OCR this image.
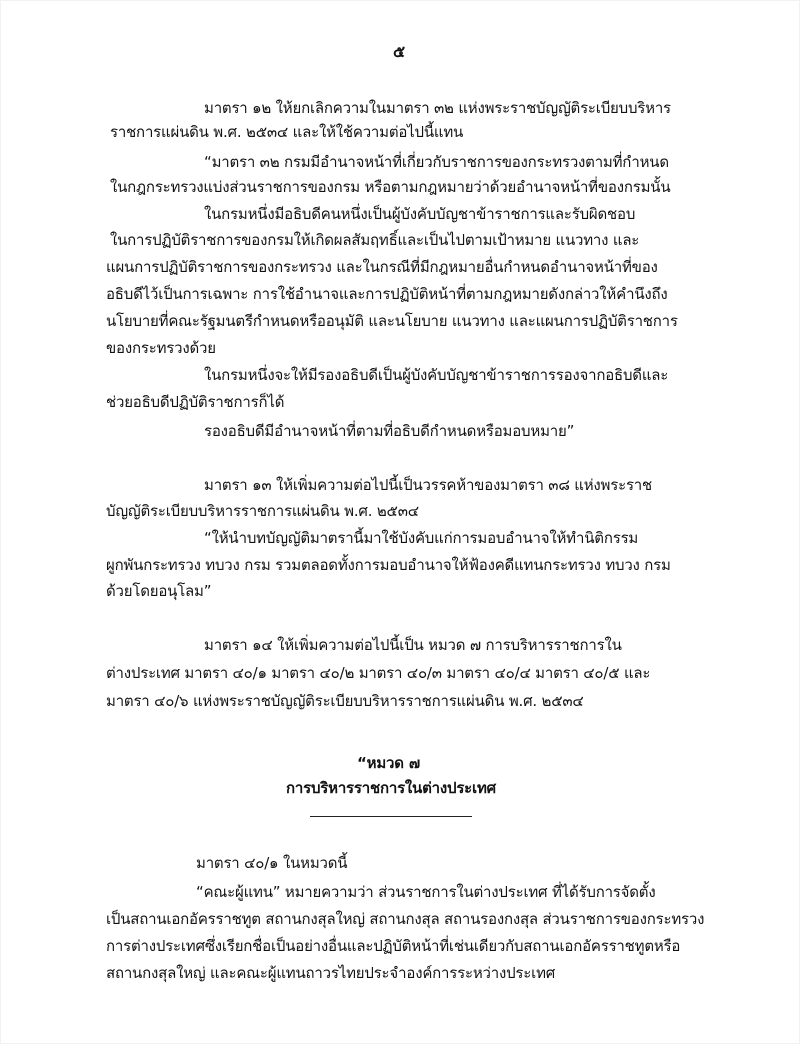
๕
มาตรา ๑๒ ให้ยกเลิกความในมาตรา ๓๒ แห่งพระราชบัญญัติระเบียบบริหาร
ราชการแผ่นดิน พ.ศ. ๒๕๓๔ และให้ใช้ความต่อไปนี้แทน
“มาตรา ๓๒ กรมมีอำนาจหน้าที่เกี่ยวกับราชการของกระทรวงตามที่กำหนด
ในกฎกระทรวงแบ่งส่วนราชการของกรม หรือตามกฎหมายว่าด้วยอำนาจหน้าที่ของกรมนั้น
ในกรมหนึ่งมีอธิบดีคนหนึ่งเป็นผู้บังคับบัญชาข้าราชการและรับผิดชอบ
ในการปฏิบัติราชการของกรมให้เกิดผลสัมฤทธิ์และเป็นไปตามเป้าหมาย แนวทาง และ
แผนการปฏิบัติราชการของกระทรวง และในกรณีที่มีกฎหมายอื่นกำหนดอำนาจหน้าที่ของ
อธิบดีไว้เป็นการเฉพาะ การใช้อำนาจและการปฏิบัติหน้าที่ตามกฎหมายดังกล่าวให้คำนึงถึง
นโยบายที่คณะรัฐมนตรีกำหนดหรืออนุมัติ และนโยบาย แนวทาง และแผนการปฏิบัติราชการ
ของกระทรวงด้วย
ในกรมหนึ่งจะให้มีรองอธิบดีเป็นผู้บังคับบัญชาข้าราชการรองจากอธิบดีและ
ช่วยอธิบดีปฏิบัติราชการก็ได้
รองอธิบดีมีอำนาจหน้าที่ตามที่อธิบดีกำหนดหรือมอบหมาย”
มาตรา ๑๓ ให้เพิ่มความต่อไปนี้เป็นวรรคห้าของมาตรา ๓๘ แห่งพระราช
บัญญัติระเบียบบริหารราชการแผ่นดิน พ.ศ. ๒๕๓๔
“ให้นำบทบัญญัติมาตรานี้มาใช้บังคับแก่การมอบอำนาจให้ทำนิติกรรม
ผูกพันกระทรวง ทบวง กรม รวมตลอดทั้งการมอบอำนาจให้ฟ้องคดีแทนกระทรวง ทบวง กรม
ด้วยโดยอนุโลม”
มาตรา ๑๔ ให้เพิ่มความต่อไปนี้เป็น หมวด ๗ การบริหารราชการใน
ต่างประเทศ มาตรา ๔๐/๑ มาตรา ๔๐/๒ มาตรา ๔๐/๓ มาตรา ๔๐/๔ มาตรา ๔๐/๕ และ
มาตรา ๔๐/๖ แห่งพระราชบัญญัติระเบียบบริหารราชการแผ่นดิน พ.ศ. ๒๕๓๔
“หมวด ๗
การบริหารราชการในต่างประเทศ
มาตรา ๔๐/๑ ในหมวดนี้
“คณะผู้แทน” หมายความว่า ส่วนราชการในต่างประเทศ ที่ได้รับการจัดตั้ง
เป็นสถานเอกอัครราชทูต สถานกงสุลใหญ่ สถานกงสุล สถานรองกงสุล ส่วนราชการของกระทรวง
การต่างประเทศซึ่งเรียกชื่อเป็นอย่างอื่นและปฏิบัติหน้าที่เช่นเดียวกับสถานเอกอัครราชทูตหรือ
สถานกงสุลใหญ่ และคณะผู้แทนถาวรไทยประจำองค์การระหว่างประเทศ
